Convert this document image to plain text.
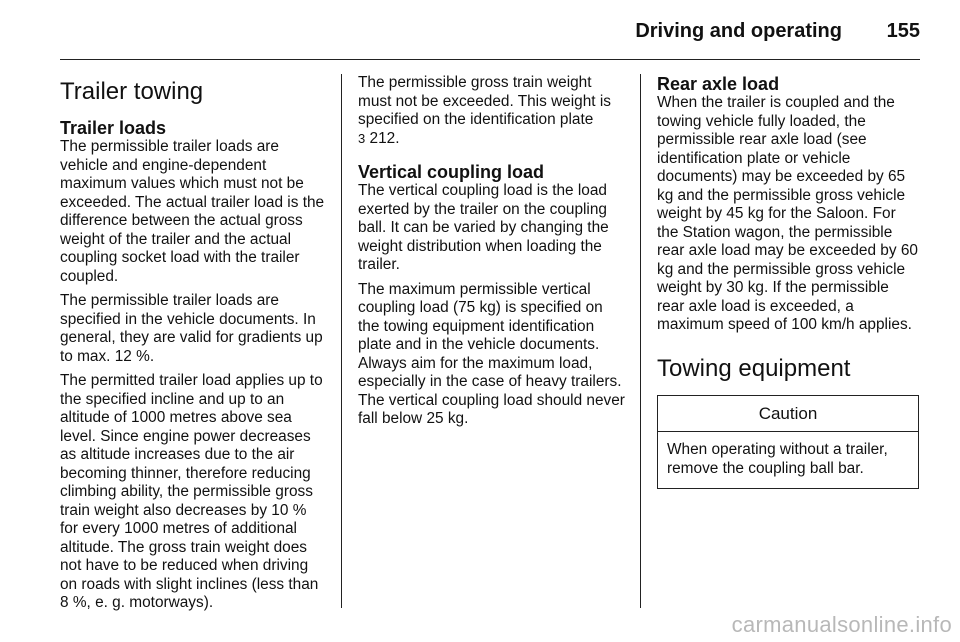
Driving and operating 155
Trailer towing
Trailer loads

The permissible trailer loads are vehicle and engine-dependent maximum values which must not be exceeded. The actual trailer load is the difference between the actual gross weight of the trailer and the actual coupling socket load with the trailer coupled.

The permissible trailer loads are specified in the vehicle documents. In general, they are valid for gradients up to max. 12 %.

The permitted trailer load applies up to the specified incline and up to an altitude of 1000 metres above sea level. Since engine power decreases as altitude increases due to the air becoming thinner, therefore reducing climbing ability, the permissible gross train weight also decreases by 10 % for every 1000 metres of additional altitude. The gross train weight does not have to be reduced when driving on roads with slight inclines (less than 8 %, e. g. motorways).

The permissible gross train weight must not be exceeded. This weight is specified on the identification plate
3 212.

Vertical coupling load

The vertical coupling load is the load exerted by the trailer on the coupling ball. It can be varied by changing the weight distribution when loading the trailer.

The maximum permissible vertical coupling load (75 kg) is specified on the towing equipment identification plate and in the vehicle documents. Always aim for the maximum load, especially in the case of heavy trailers. The vertical coupling load should never fall below 25 kg.

Rear axle load

When the trailer is coupled and the towing vehicle fully loaded, the permissible rear axle load (see identification plate or vehicle documents) may be exceeded by 65 kg and the permissible gross vehicle weight by 45 kg for the Saloon. For the Station wagon, the permissible rear axle load may be exceeded by 60 kg and the permissible gross vehicle weight by 30 kg. If the permissible rear axle load is exceeded, a maximum speed of 100 km/h applies.

Towing equipment
Caution
When operating without a trailer, remove the coupling ball bar.
carmanualsonline.info
